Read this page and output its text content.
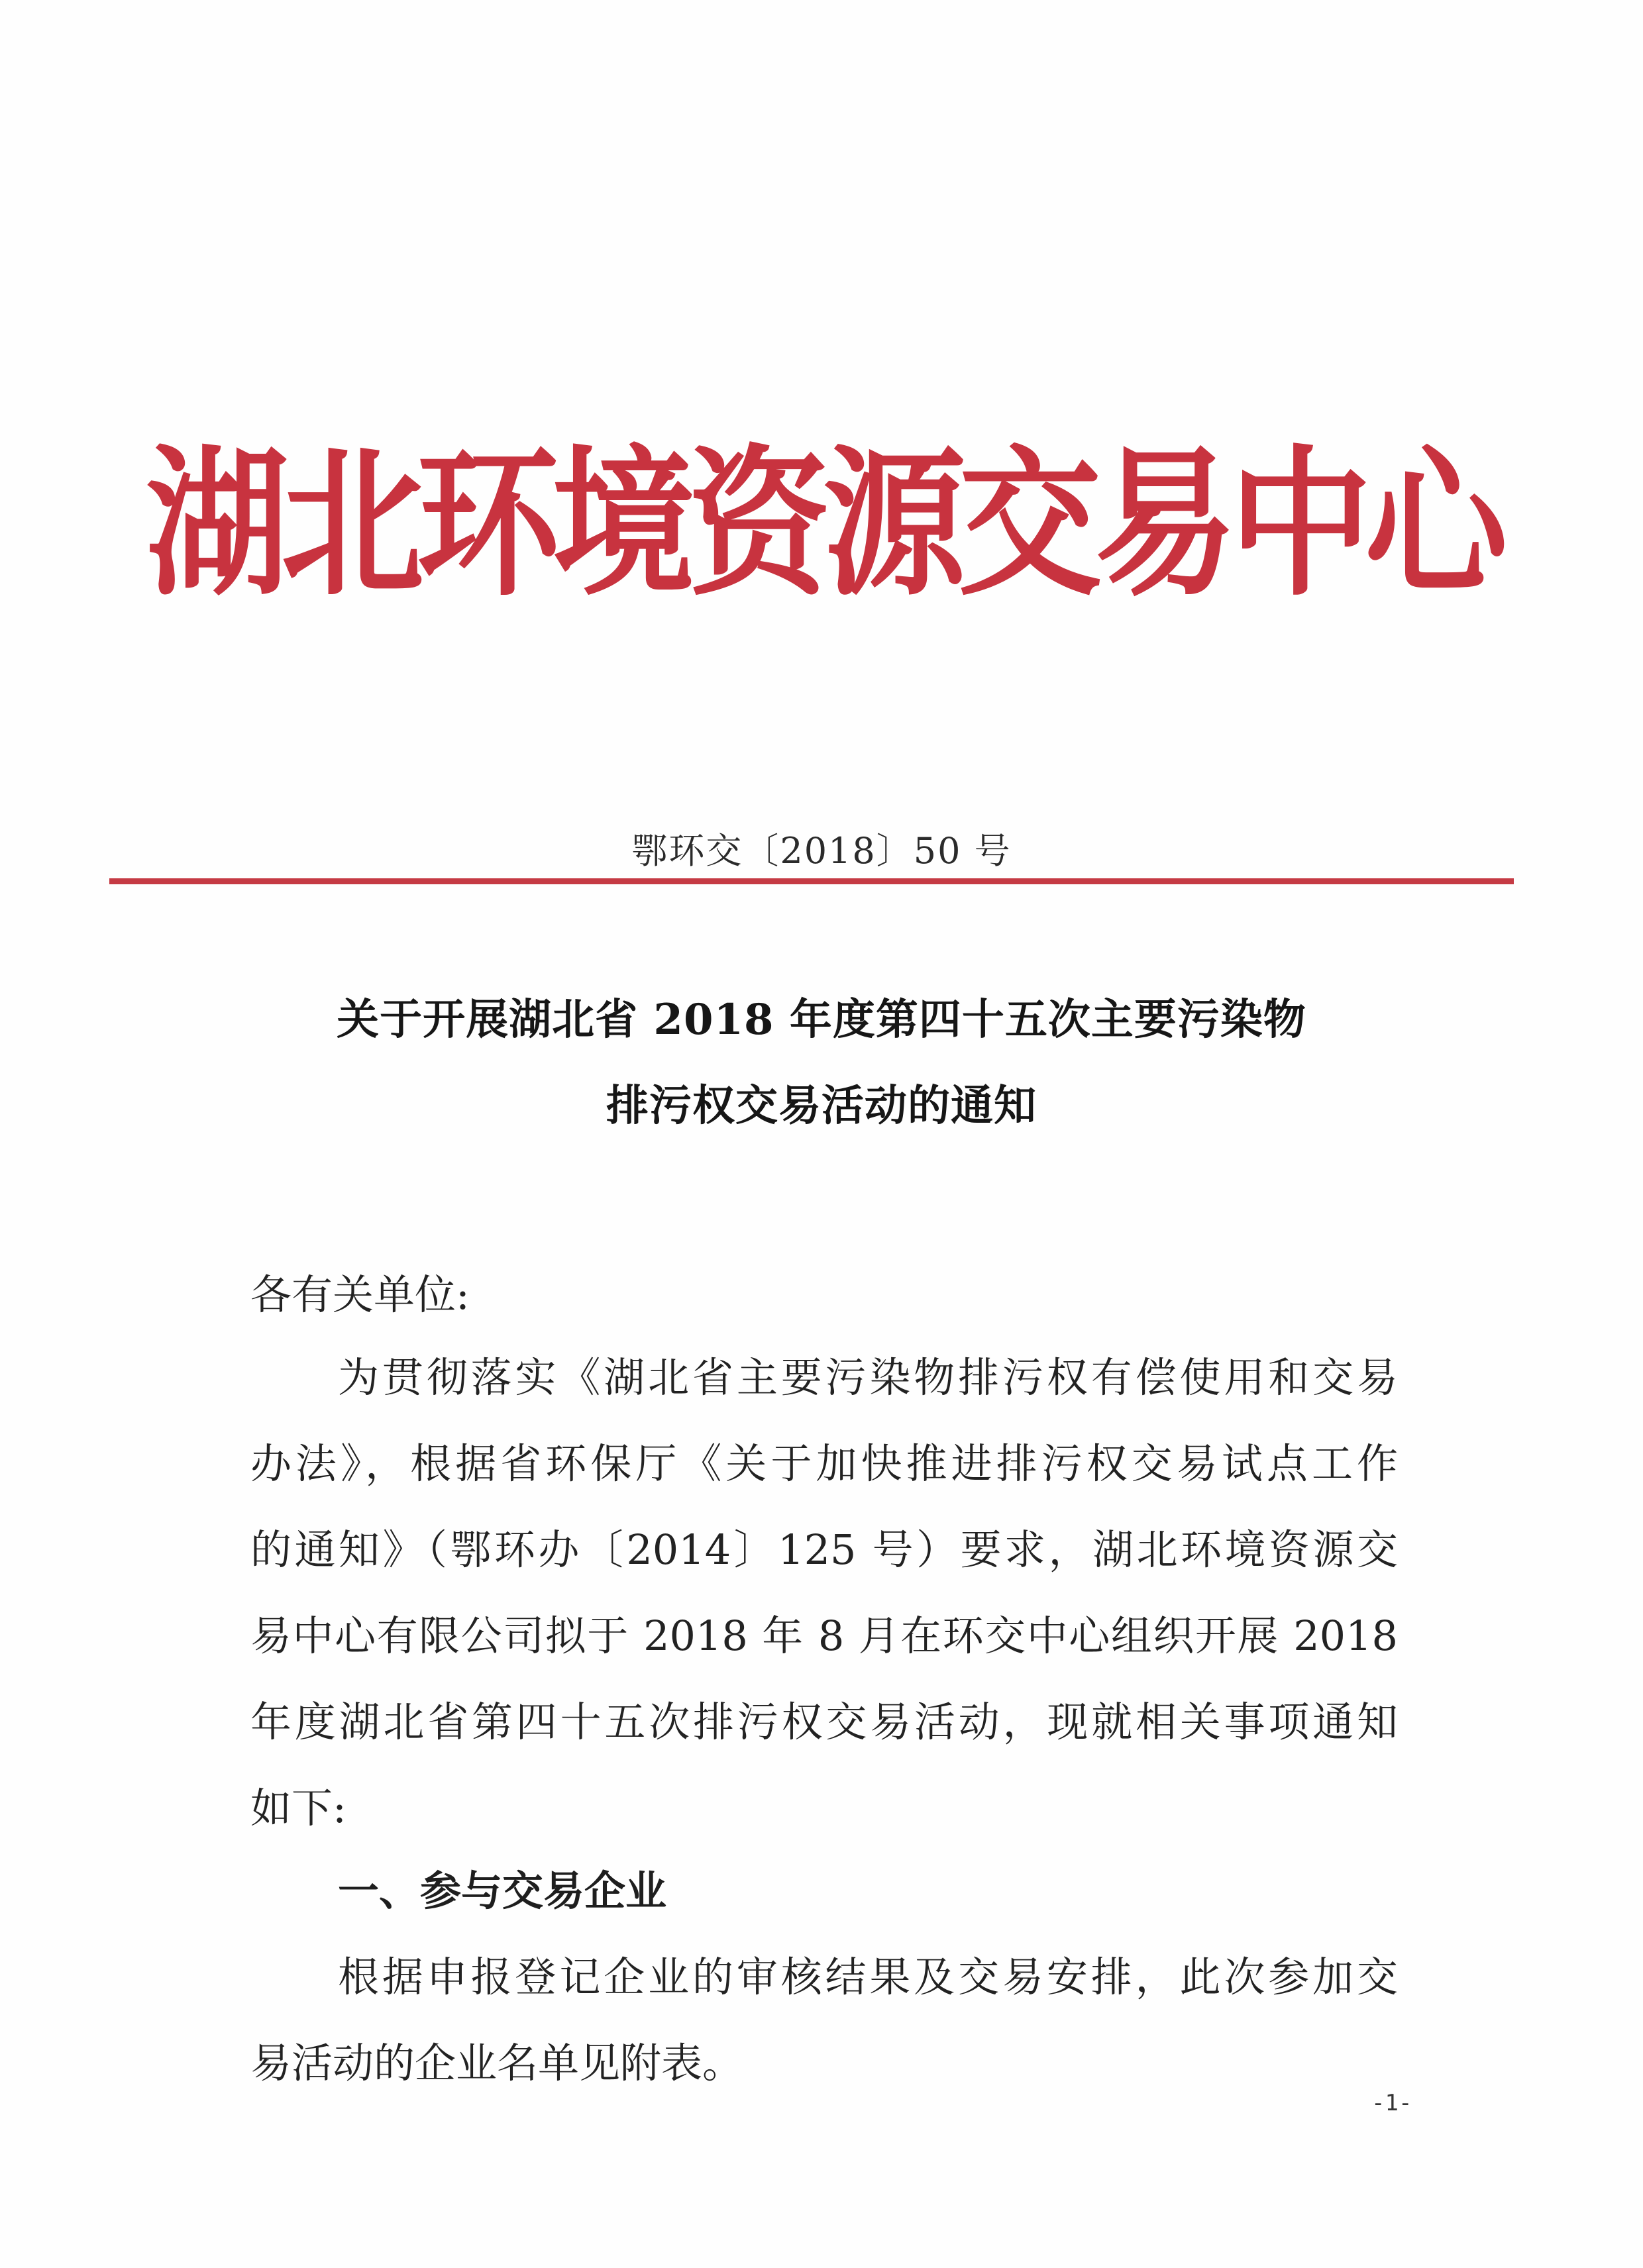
湖
北
环
境
资
源
交
易
中
心
鄂环交〔2018〕50 号
关于开展湖北省 2018 年度第四十五次主要污染物
排污权交易活动的通知
各有关单位:
为贯彻落实《湖北省主要污染物排污权有偿使用和交易
办法》，根据省环保厅《关于加快推进排污权交易试点工作
的通知》（鄂环办〔2014〕125 号）要求，湖北环境资源交
易中心有限公司拟于 2018 年 8 月在环交中心组织开展 2018
年度湖北省第四十五次排污权交易活动，现就相关事项通知
如下:
一、参与交易企业
根据申报登记企业的审核结果及交易安排，此次参加交
易活动的企业名单见附表。
-1-
